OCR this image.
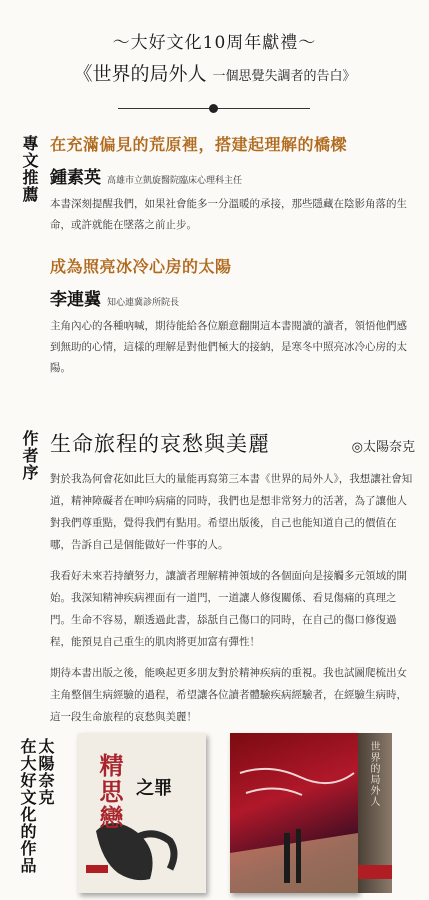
～大好文化10周年獻禮～
《世界的局外人 一個思覺失調者的告白》
專文推薦 在充滿偏見的荒原裡，搭建起理解的橋樑
鍾素英 高雄市立凱旋醫院臨床心理科主任

本書深刻提醒我們，如果社會能多一分溫暖的承接，那些隱藏在陰影角落的生命，或許就能在墜落之前止步。

成為照亮冰冷心房的太陽
李連冀 知心連冀診所院長

主角內心的各種吶喊，期待能給各位願意翻開這本書閱讀的讀者，領悟他們感到無助的心情，這樣的理解是對他們極大的接納，是寒冬中照亮冰冷心房的太陽。

作者序 生命旅程的哀愁與美麗	◎太陽奈克

對於我為何會花如此巨大的量能再寫第三本書《世界的局外人》，我想讓社會知道，精神障礙者在呻吟病痛的同時，我們也是想非常努力的活著，為了讓他人對我們尊重點，覺得我們有點用。希望出版後，自己也能知道自己的價值在哪，告訴自己是個能做好一件事的人。

我看好未來若持續努力，讓讀者理解精神領域的各個面向是接觸多元領域的開始。我深知精神疾病裡面有一道門，一道讓人修復關係、看見傷痛的真理之門。生命不容易，願透過此書，舔舐自己傷口的同時，在自己的傷口修復過程，能預見自己重生的肌肉將更加富有彈性！

期待本書出版之後，能喚起更多朋友對於精神疾病的重視。我也試圖爬梳出女主角整個生病經驗的過程，希望讓各位讀者體驗疾病經驗者，在經驗生病時，這一段生命旅程的哀愁與美麗！

太陽奈克
在大好文化的作品 精思戀 之罪	世界的局外人
